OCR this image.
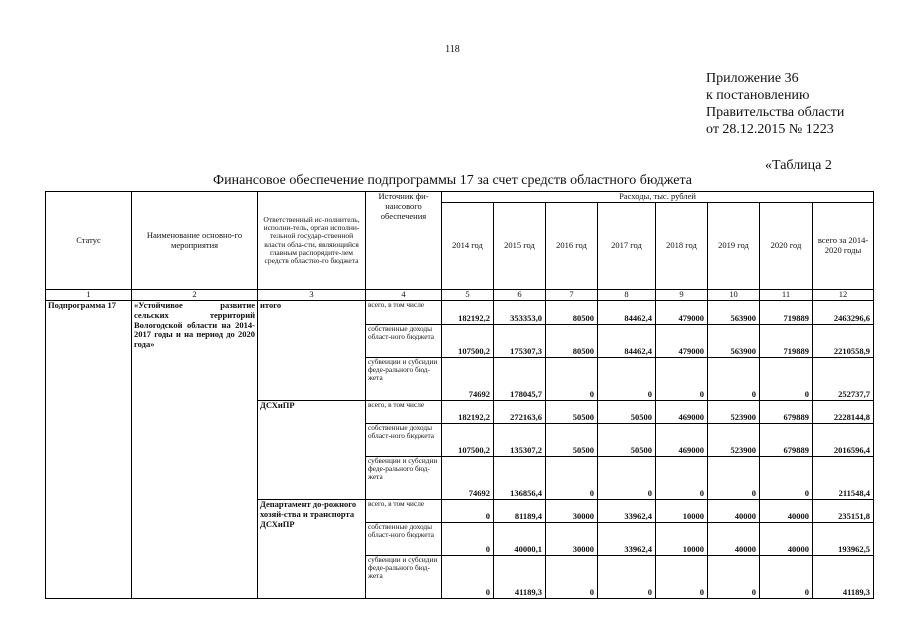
118
Приложение 36
к постановлению
Правительства области
от 28.12.2015 № 1223
«Таблица 2
Финансовое обеспечение подпрограммы 17 за счет средств областного бюджета
Статус	Наименование основно-го мероприятия	Ответственный ис-полнитель, исполни-тель, орган исполни-тельной государ-ственной власти обла-сти, являющийся главным распорядите-лем средств областно-го бюджета	Источник фи-нансового обеспечения	Расходы, тыс. рублей							
				2014 год	2015 год	2016 год	2017 год	2018 год	2019 год	2020 год	всего за 2014-2020 годы
1	2	3	4	5	6	7	8	9	10	11	12
Подпрограмма 17	«Устойчивое развитие сельских территорий Вологодской области на 2014-2017 годы и на период до 2020 года»	итого	всего, в том числе	182192,2	353353,0	80500	84462,4	479000	563900	719889	2463296,6
			собственные доходы област-ного бюджета	107500,2	175307,3	80500	84462,4	479000	563900	719889	2210558,9
			субвенции и субсидии феде-рального бюд-жета	74692	178045,7	0	0	0	0	0	252737,7
		ДСХиПР	всего, в том числе	182192,2	272163,6	50500	50500	469000	523900	679889	2228144,8
			собственные доходы област-ного бюджета	107500,2	135307,2	50500	50500	469000	523900	679889	2016596,4
			субвенции и субсидии феде-рального бюд-жета	74692	136856,4	0	0	0	0	0	211548,4
		Департамент до-рожного хозяй-ства и транспорта ДСХиПР	всего, в том числе	0	81189,4	30000	33962,4	10000	40000	40000	235151,8
			собственные доходы област-ного бюджета	0	40000,1	30000	33962,4	10000	40000	40000	193962,5
			субвенции и субсидии феде-рального бюд-жета	0	41189,3	0	0	0	0	0	41189,3
